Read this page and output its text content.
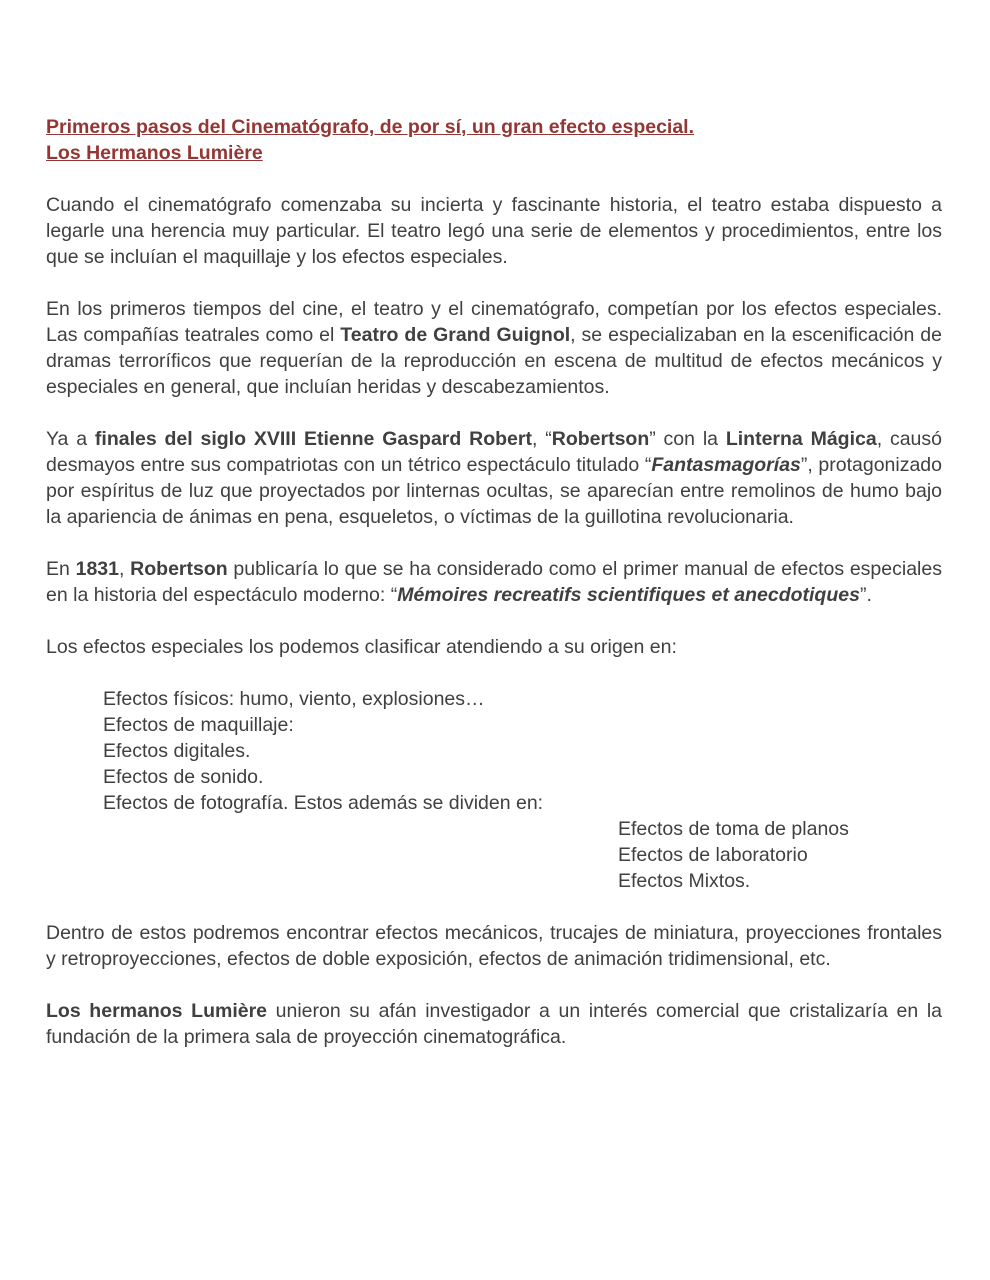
Primeros pasos del Cinematógrafo, de por sí, un gran efecto especial.

Los Hermanos Lumière

Cuando el cinematógrafo comenzaba su incierta y fascinante historia, el teatro estaba dispuesto a legarle una herencia muy particular. El teatro legó una serie de elementos y procedimientos, entre los que se incluían el maquillaje y los efectos especiales.

En los primeros tiempos del cine, el teatro y el cinematógrafo, competían por los efectos especiales. Las compañías teatrales como el Teatro de Grand Guignol, se especializaban en la escenificación de dramas terroríficos que requerían de la reproducción en escena de multitud de efectos mecánicos y especiales en general, que incluían heridas y descabezamientos.

Ya a finales del siglo XVIII Etienne Gaspard Robert, “Robertson” con la Linterna Mágica, causó desmayos entre sus compatriotas con un tétrico espectáculo titulado “Fantasmagorías”, protagonizado por espíritus de luz que proyectados por linternas ocultas, se aparecían entre remolinos de humo bajo la apariencia de ánimas en pena, esqueletos, o víctimas de la guillotina revolucionaria.

En 1831, Robertson publicaría lo que se ha considerado como el primer manual de efectos especiales en la historia del espectáculo moderno: “Mémoires recreatifs scientifiques et anecdotiques”.

Los efectos especiales los podemos clasificar atendiendo a su origen en:

Efectos físicos: humo, viento, explosiones…
Efectos de maquillaje:
Efectos digitales.
Efectos de sonido.
Efectos de fotografía. Estos además se dividen en:
Efectos de toma de planos
Efectos de laboratorio
Efectos Mixtos.

Dentro de estos podremos encontrar efectos mecánicos, trucajes de miniatura, proyecciones frontales y retroproyecciones, efectos de doble exposición, efectos de animación tridimensional, etc.

Los hermanos Lumière unieron su afán investigador a un interés comercial que cristalizaría en la fundación de la primera sala de proyección cinematográfica.
